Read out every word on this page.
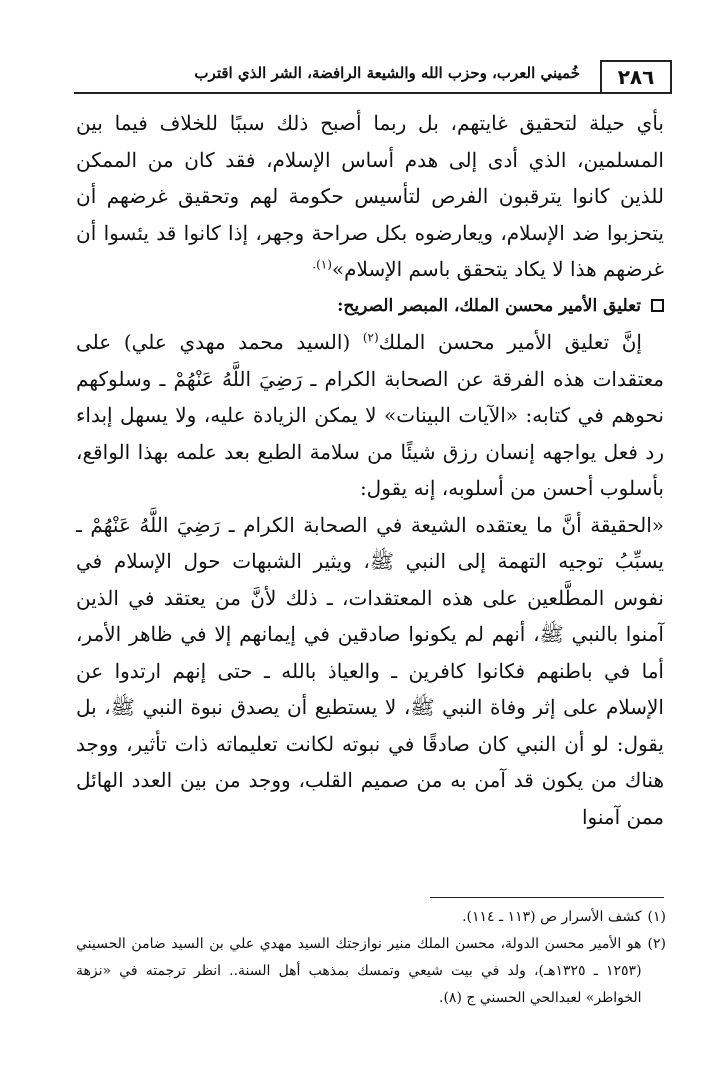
٢٨٦
خُميني العرب، وحزب الله والشيعة الرافضة، الشر الذي اقترب

بأي حيلة لتحقيق غايتهم، بل ربما أصبح ذلك سببًا للخلاف فيما بين المسلمين، الذي أدى إلى هدم أساس الإسلام، فقد كان من الممكن للذين كانوا يترقبون الفرص لتأسيس حكومة لهم وتحقيق غرضهم أن يتحزبوا ضد الإسلام، ويعارضوه بكل صراحة وجهر، إذا كانوا قد يئسوا أن غرضهم هذا لا يكاد يتحقق باسم الإسلام»$^{(١).}$

تعليق الأمير محسن الملك، المبصر الصريح:

إنَّ تعليق الأمير محسن الملك$^{(٢)}$ (السيد محمد مهدي علي) على معتقدات هذه الفرقة عن الصحابة الكرام ـ رَضِيَ اللَّهُ عَنْهُمْ ـ وسلوكهم نحوهم في كتابه: «الآيات البينات» لا يمكن الزيادة عليه، ولا يسهل إبداء رد فعل يواجهه إنسان رزق شيئًا من سلامة الطبع بعد علمه بهذا الواقع، بأسلوب أحسن من أسلوبه، إنه يقول:

«الحقيقة أنَّ ما يعتقده الشيعة في الصحابة الكرام ـ رَضِيَ اللَّهُ عَنْهُمْ ـ يسبِّبُ توجيه التهمة إلى النبي ﷺ، ويثير الشبهات حول الإسلام في نفوس المطَّلعين على هذه المعتقدات، ـ ذلك لأنَّ من يعتقد في الذين آمنوا بالنبي ﷺ، أنهم لم يكونوا صادقين في إيمانهم إلا في ظاهر الأمر، أما في باطنهم فكانوا كافرين ـ والعياذ بالله ـ حتى إنهم ارتدوا عن الإسلام على إثر وفاة النبي ﷺ، لا يستطيع أن يصدق نبوة النبي ﷺ، بل يقول: لو أن النبي كان صادقًا في نبوته لكانت تعليماته ذات تأثير، ووجد هناك من يكون قد آمن به من صميم القلب، ووجد من بين العدد الهائل ممن آمنوا

(١)
كشف الأسرار ص (١١٣ ـ ١١٤).

(٢)
هو الأمير محسن الدولة، محسن الملك منير نوازجتك السيد مهدي علي بن السيد ضامن الحسيني (١٢٥٣ ـ ١٣٢٥هـ)، ولد في بيت شيعي وتمسك بمذهب أهل السنة.. انظر ترجمته في «نزهة الخواطر» لعبدالحي الحسني ج (٨).
